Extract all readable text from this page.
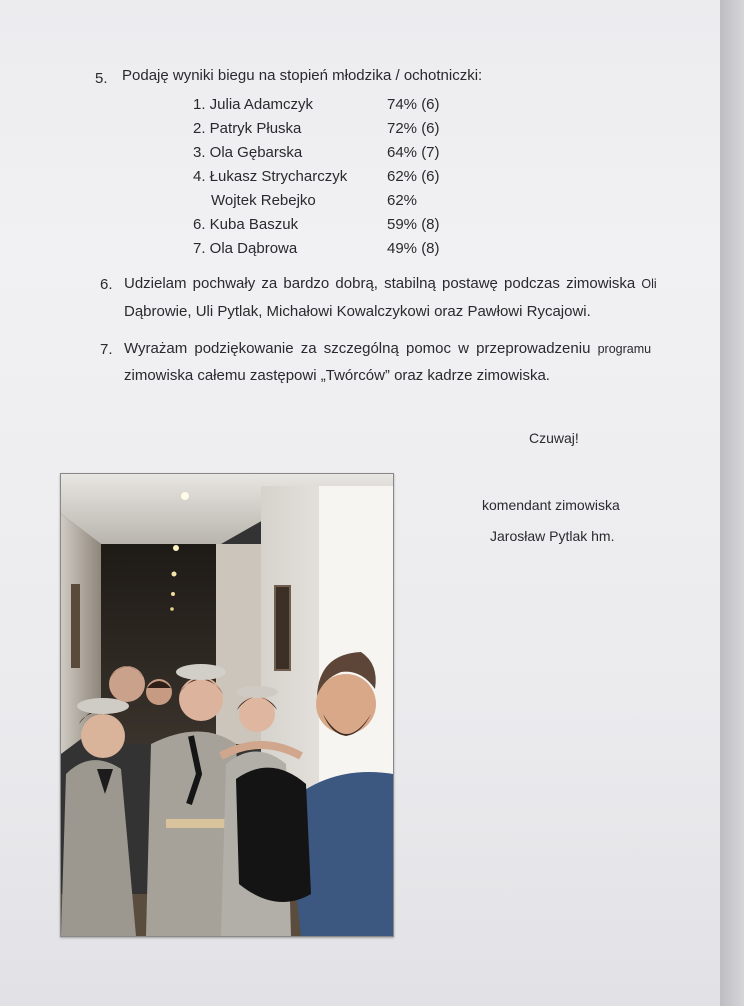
5. Podaję wyniki biegu na stopień młodzika / ochotniczki:
1. Julia Adamczyk	74% (6)
2. Patryk Płuska	72% (6)
3. Ola Gębarska	64% (7)
4. Łukasz Strycharczyk	62% (6)
Wojtek Rebejko	62%
6. Kuba Baszuk	59% (8)
7. Ola Dąbrowa	49% (8)
6. Udzielam pochwały za bardzo dobrą, stabilną postawę podczas zimowiska Oli
Dąbrowie, Uli Pytlak, Michałowi Kowalczykowi oraz Pawłowi Rycajowi.
7. Wyrażam podziękowanie za szczególną pomoc w przeprowadzeniu programu
zimowiska całemu zastępowi „Twórców” oraz kadrze zimowiska.
Czuwaj!
komendant zimowiska
Jarosław Pytlak hm.
